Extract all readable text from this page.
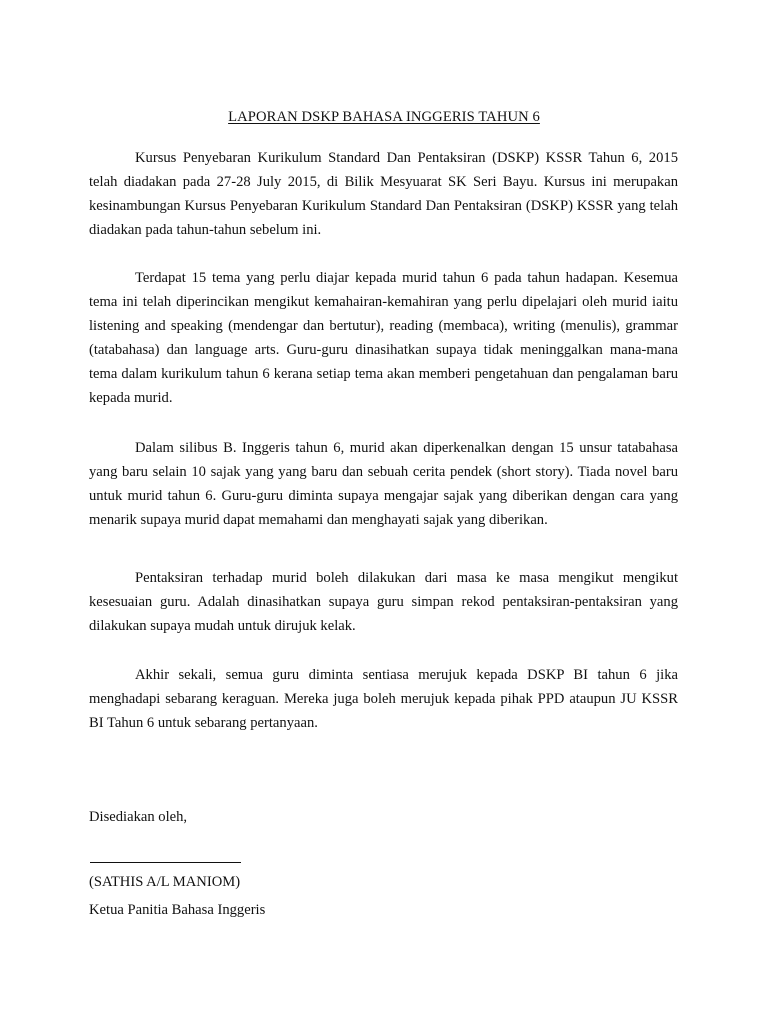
LAPORAN DSKP BAHASA INGGERIS TAHUN 6

Kursus Penyebaran Kurikulum Standard Dan Pentaksiran (DSKP) KSSR Tahun 6, 2015 telah diadakan pada 27-28 July 2015, di Bilik Mesyuarat SK Seri Bayu. Kursus ini merupakan kesinambungan Kursus Penyebaran Kurikulum Standard Dan Pentaksiran (DSKP) KSSR yang telah diadakan pada tahun-tahun sebelum ini.

Terdapat 15 tema yang perlu diajar kepada murid tahun 6 pada tahun hadapan. Kesemua tema ini telah diperincikan mengikut kemahairan-kemahiran yang perlu dipelajari oleh murid iaitu listening and speaking (mendengar dan bertutur), reading (membaca), writing (menulis), grammar (tatabahasa) dan language arts. Guru-guru dinasihatkan supaya tidak meninggalkan mana-mana tema dalam kurikulum tahun 6 kerana setiap tema akan memberi pengetahuan dan pengalaman baru kepada murid.

Dalam silibus B. Inggeris tahun 6, murid akan diperkenalkan dengan 15 unsur tatabahasa yang baru selain 10 sajak yang yang baru dan sebuah cerita pendek (short story). Tiada novel baru untuk murid tahun 6. Guru-guru diminta supaya mengajar sajak yang diberikan dengan cara yang menarik supaya murid dapat memahami dan menghayati sajak yang diberikan.

Pentaksiran terhadap murid boleh dilakukan dari masa ke masa mengikut mengikut kesesuaian guru. Adalah dinasihatkan supaya guru simpan rekod pentaksiran-pentaksiran yang dilakukan supaya mudah untuk dirujuk kelak.

Akhir sekali, semua guru diminta sentiasa merujuk kepada DSKP BI tahun 6 jika menghadapi sebarang keraguan. Mereka juga boleh merujuk kepada pihak PPD ataupun JU KSSR BI Tahun 6 untuk sebarang pertanyaan.

Disediakan oleh,
(SATHIS A/L MANIOM)
Ketua Panitia Bahasa Inggeris
